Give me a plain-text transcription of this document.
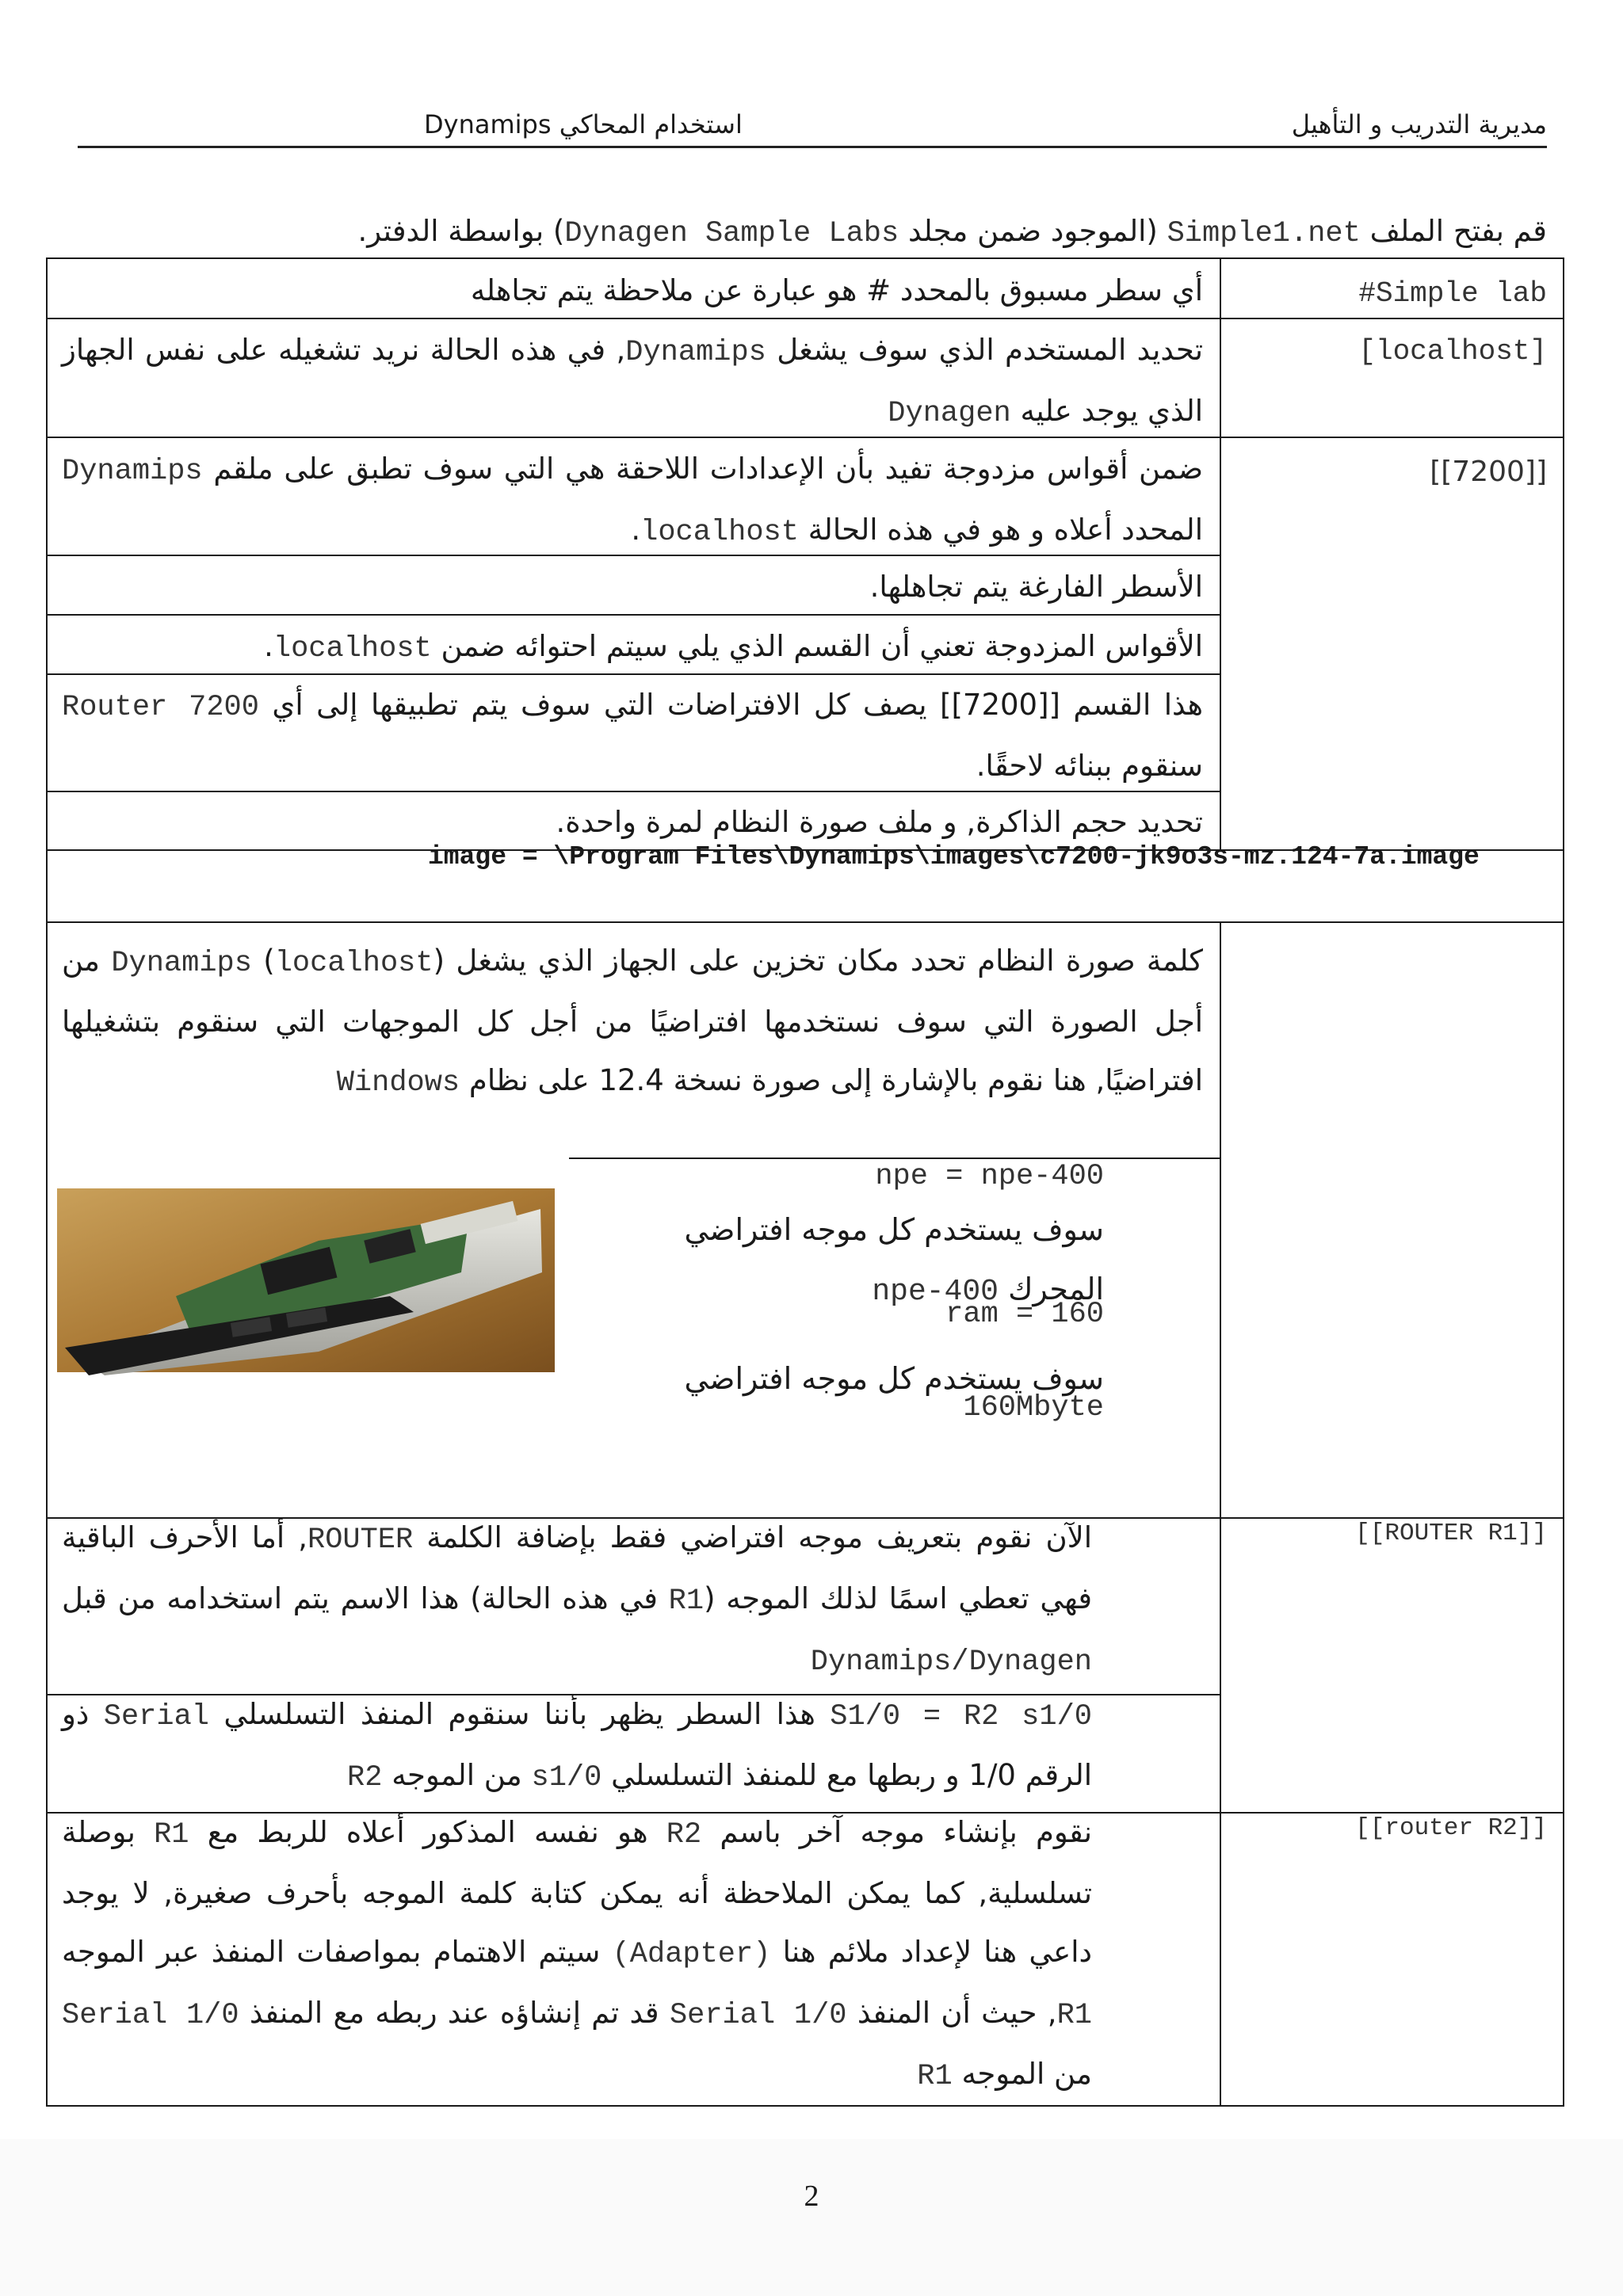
مديرية التدريب و التأهيل
استخدام المحاكي Dynamips
قم بفتح الملف Simple1.net (الموجود ضمن مجلد Dynagen Sample Labs) بواسطة الدفتر.
#Simple lab
أي سطر مسبوق بالمحدد # هو عبارة عن ملاحظة يتم تجاهله
[localhost]
تحديد المستخدم الذي سوف يشغل Dynamips, في هذه الحالة نريد تشغيله على نفس الجهاز الذي يوجد عليه Dynagen
[[7200]]
ضمن أقواس مزدوجة تفيد بأن الإعدادات اللاحقة هي التي سوف تطبق على ملقم Dynamips المحدد أعلاه و هو في هذه الحالة localhost.
الأسطر الفارغة يتم تجاهلها.
الأقواس المزدوجة تعني أن القسم الذي يلي سيتم احتوائه ضمن localhost.
هذا القسم [[7200]] يصف كل الافتراضات التي سوف يتم تطبيقها إلى أي Router 7200 سنقوم ببنائه لاحقًا.
تحديد حجم الذاكرة, و ملف صورة النظام لمرة واحدة.
image = \Program Files\Dynamips\images\c7200-jk9o3s-mz.124-7a.image
كلمة صورة النظام تحدد مكان تخزين على الجهاز الذي يشغل Dynamips (localhost) من أجل الصورة التي سوف نستخدمها افتراضيًا من أجل كل الموجهات التي سنقوم بتشغيلها افتراضيًا, هنا نقوم بالإشارة إلى صورة نسخة 12.4 على نظام Windows
npe = npe-400
سوف يستخدم كل موجه افتراضي
المحرك npe-400
ram = 160
سوف يستخدم كل موجه افتراضي
160Mbyte
[[ROUTER R1]]
الآن نقوم بتعريف موجه افتراضي فقط بإضافة الكلمة ROUTER, أما الأحرف الباقية فهي تعطي اسمًا لذلك الموجه (R1 في هذه الحالة) هذا الاسم يتم استخدامه من قبل Dynamips/Dynagen
S1/0 = R2 s1/0 هذا السطر يظهر بأننا سنقوم المنفذ التسلسلي Serial ذو الرقم 1/0 و ربطها مع للمنفذ التسلسلي s1/0 من الموجه R2
[[router R2]]
نقوم بإنشاء موجه آخر باسم R2 هو نفسه المذكور أعلاه للربط مع R1 بوصلة تسلسلية, كما يمكن الملاحظة أنه يمكن كتابة كلمة الموجه بأحرف صغيرة, لا يوجد داعي هنا لإعداد ملائم هنا (Adapter) سيتم الاهتمام بمواصفات المنفذ عبر الموجه R1, حيث أن المنفذ Serial 1/0 قد تم إنشاؤه عند ربطه مع المنفذ Serial 1/0 من الموجه R1
2
